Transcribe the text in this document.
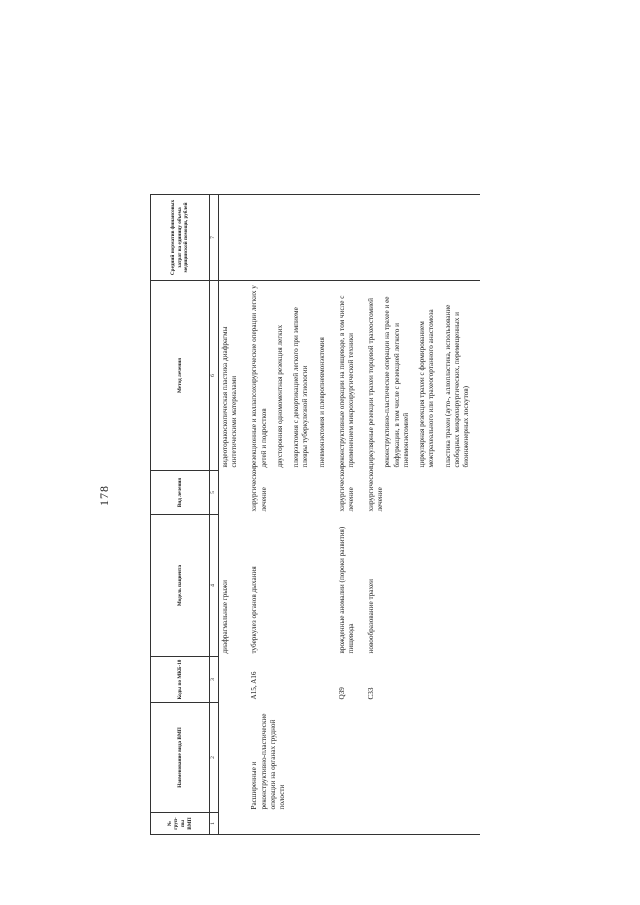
178
№ груп-пы ВМП	Наименование вида ВМП	Коды по МКБ-10	Модель пациента	Вид лечения	Метод лечения	Средний норматив финансовых затрат на единицу объема медицинской помощи, рублей
1	2	3	4	5	6	7
			диафрагмальные грыжи		видеоторакоскопическая пластика диафрагмы синтетическими материалами	

	Расширенные и реконструктивно-пластические операции на органах грудной полости	A15, A16	туберкулез органов дыхания	хирургическое лечение	резекционные и коллапсохирургические операции легких у детей и подростков двусторонняя одномоментная резекция легких плеврэктомия с декортикацией легкого при эмпиеме плевры туберкулезной этиологии пневмонэктомия и плевропневмонэктомия	

		Q39	врожденные аномалии (пороки развития) пищевода	хирургическое лечение	реконструктивные операции на пищеводе, в том числе с применением микрохирургической техники	

		C33	новообразование трахеи	хирургическое лечение	циркулярные резекции трахеи торцевой трахеостомией реконструктивно-пластические операции на трахее и ее бифуркации, в том числе с резекцией легкого и пневмонэктомией циркулярная резекция трахеи с формированием межтрахеального или трахеогортанного анастомоза пластика трахеи (ауто-, аллопластика, использование свободных микрохирургических, перемещенных и биоинженерных лоскутов)	
